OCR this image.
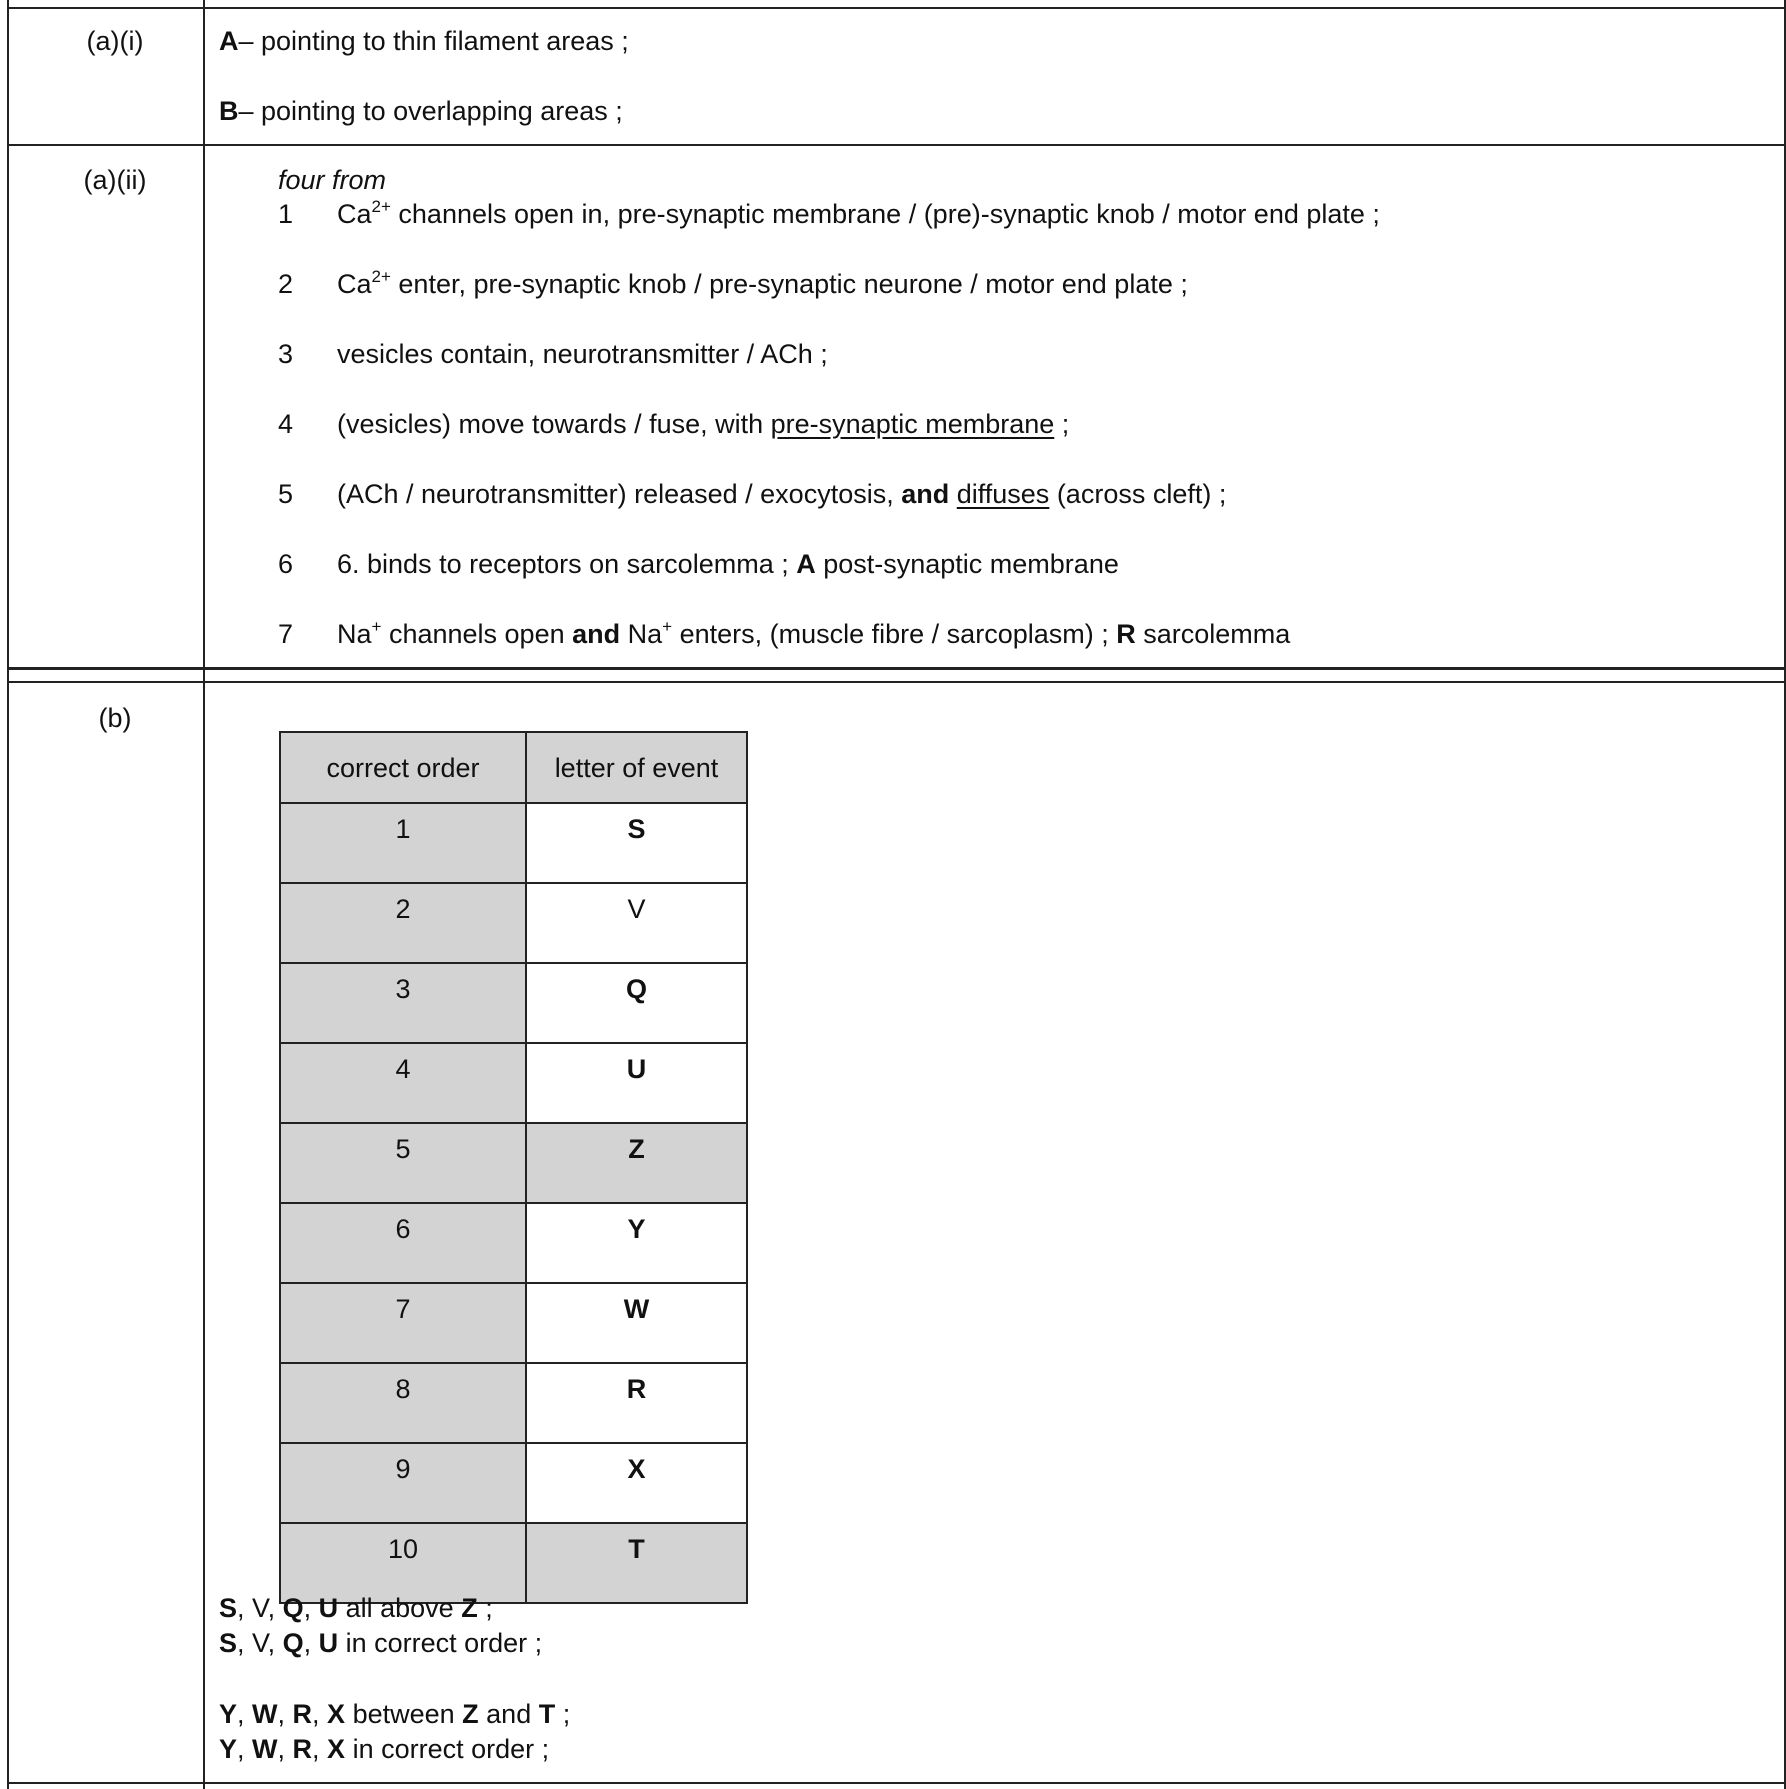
(a)(i)	A– pointing to thin filament areas ;
B– pointing to overlapping areas ;
(a)(ii)	four from
1	$Ca^{2+}$ channels open in, pre-synaptic membrane / (pre)-synaptic knob / motor end plate ;
2	$Ca^{2+}$ enter, pre-synaptic knob / pre-synaptic neurone / motor end plate ;
3	vesicles contain, neurotransmitter / ACh ;
4	(vesicles) move towards / fuse, with pre-synaptic membrane ;
5	(ACh / neurotransmitter) released / exocytosis, and diffuses (across cleft) ;
6	6. binds to receptors on sarcolemma ; A post-synaptic membrane
7	Na+ channels open and Na+ enters, (muscle fibre / sarcoplasm) ; R sarcolemma
(b)
correct order	letter of event
1	S
2	V
3	Q
4	U
5	Z
6	Y
7	W
8	R
9	X
10	T
S, V, Q, U all above Z ;
S, V, Q, U in correct order ;
Y, W, R, X between Z and T ;
Y, W, R, X in correct order ;
